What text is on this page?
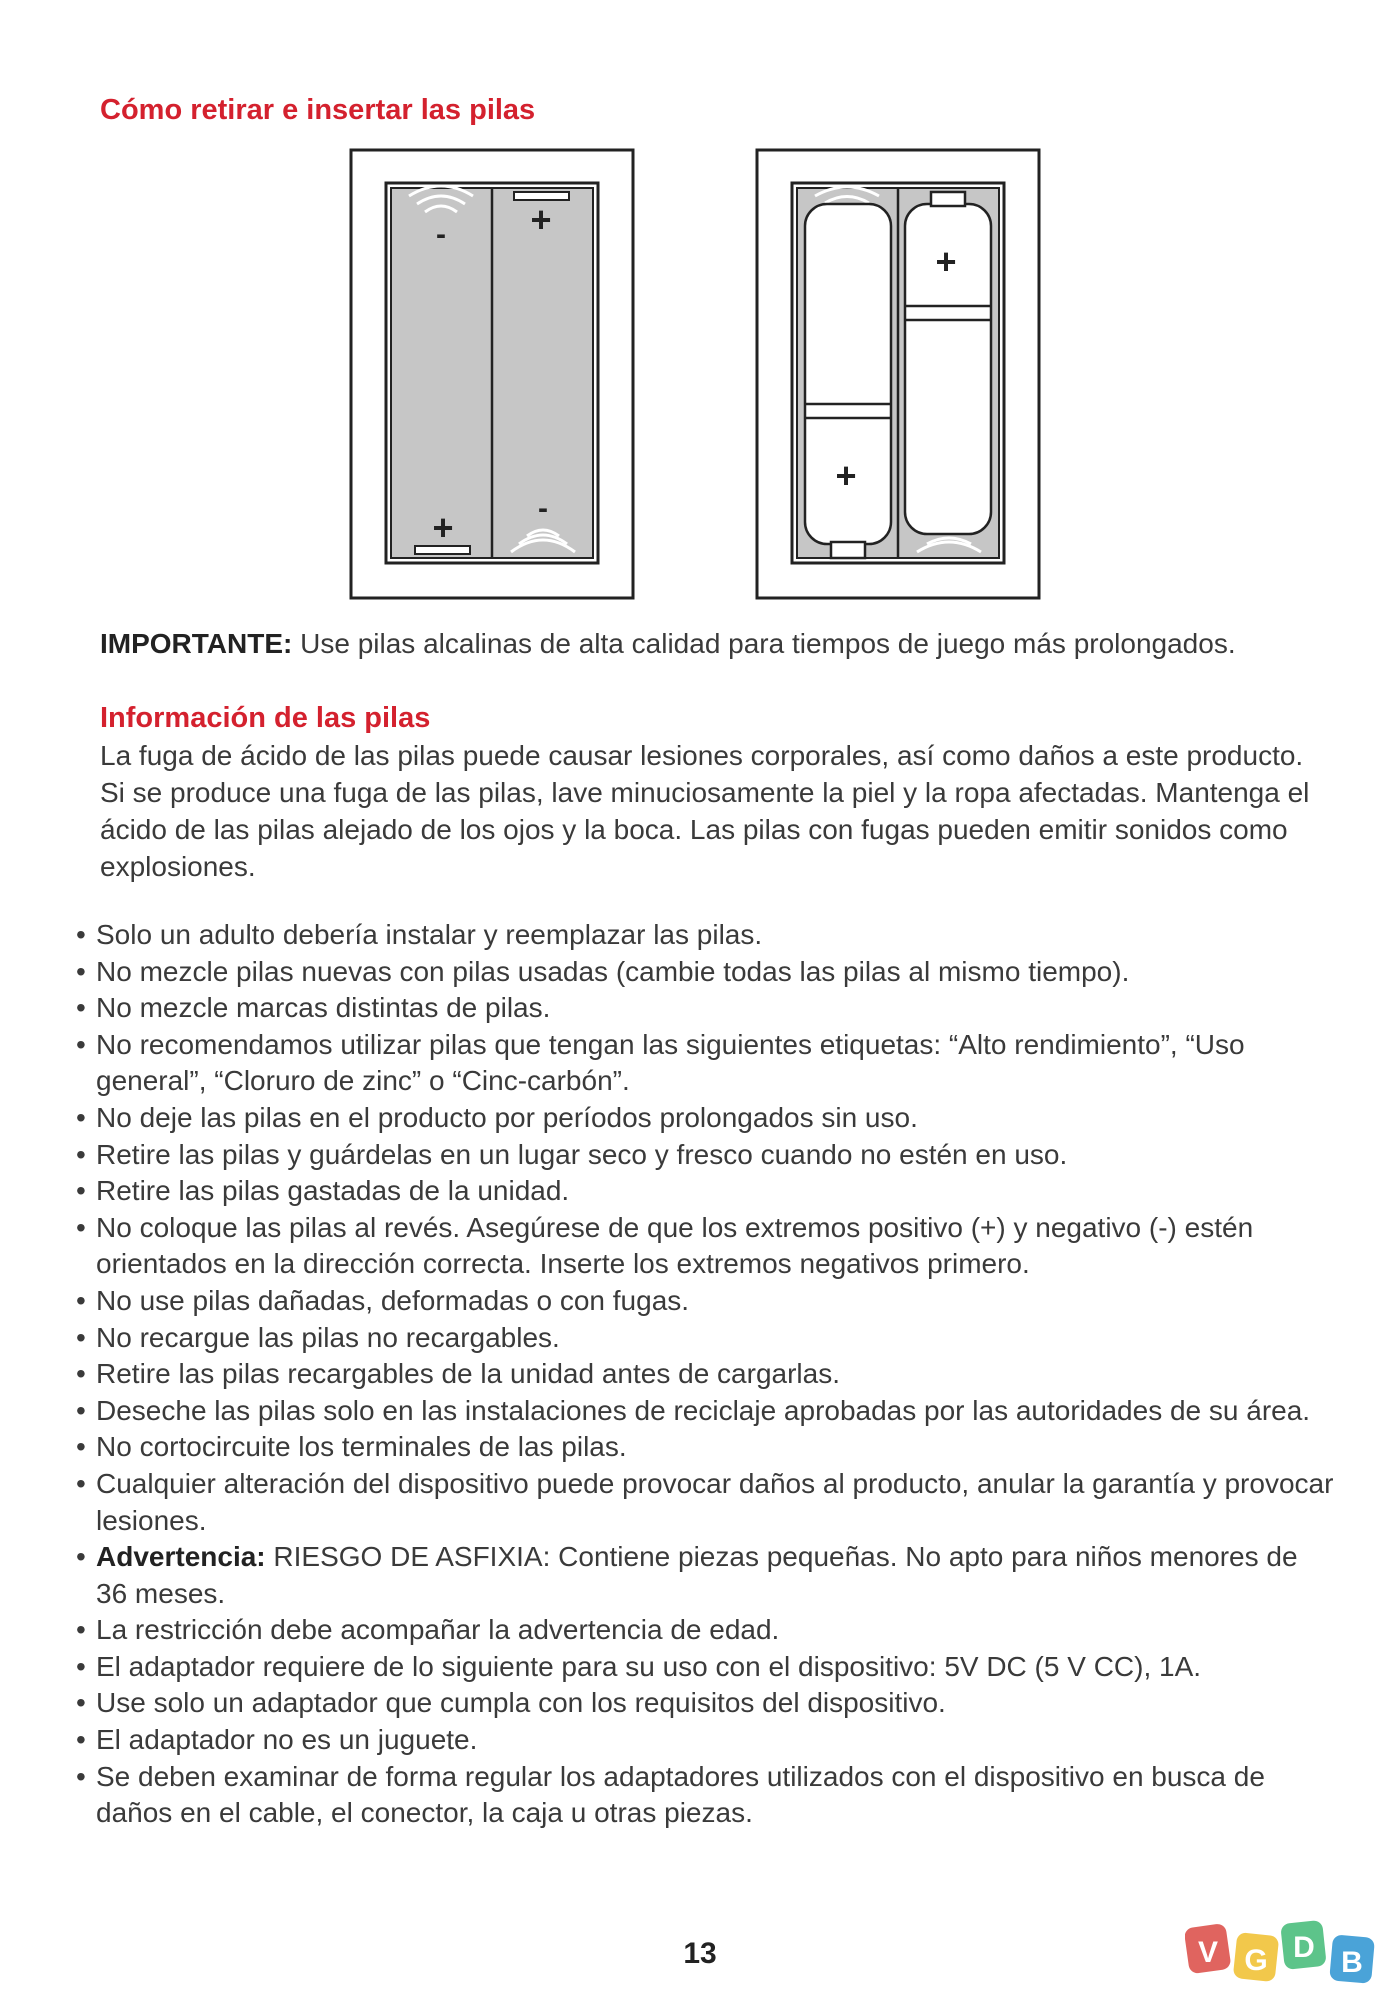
Cómo retirar e insertar las pilas
- +
+	-
+
+

IMPORTANTE: Use pilas alcalinas de alta calidad para tiempos de juego más prolongados.

Información de las pilas

La fuga de ácido de las pilas puede causar lesiones corporales, así como daños a este producto. Si se produce una fuga de las pilas, lave minuciosamente la piel y la ropa afectadas. Mantenga el ácido de las pilas alejado de los ojos y la boca. Las pilas con fugas pueden emitir sonidos como explosiones.

• Solo un adulto debería instalar y reemplazar las pilas.
• No mezcle pilas nuevas con pilas usadas (cambie todas las pilas al mismo tiempo).
• No mezcle marcas distintas de pilas.
• No recomendamos utilizar pilas que tengan las siguientes etiquetas: “Alto rendimiento”, “Uso general”, “Cloruro de zinc” o “Cinc-carbón”.
• No deje las pilas en el producto por períodos prolongados sin uso.
• Retire las pilas y guárdelas en un lugar seco y fresco cuando no estén en uso.
• Retire las pilas gastadas de la unidad.
• No coloque las pilas al revés. Asegúrese de que los extremos positivo (+) y negativo (-) estén orientados en la dirección correcta. Inserte los extremos negativos primero.
• No use pilas dañadas, deformadas o con fugas.
• No recargue las pilas no recargables.
• Retire las pilas recargables de la unidad antes de cargarlas.
• Deseche las pilas solo en las instalaciones de reciclaje aprobadas por las autoridades de su área.
• No cortocircuite los terminales de las pilas.
• Cualquier alteración del dispositivo puede provocar daños al producto, anular la garantía y provocar lesiones.
• Advertencia: RIESGO DE ASFIXIA: Contiene piezas pequeñas. No apto para niños menores de 36 meses.
• La restricción debe acompañar la advertencia de edad.
• El adaptador requiere de lo siguiente para su uso con el dispositivo: 5V DC (5 V CC), 1A.
• Use solo un adaptador que cumpla con los requisitos del dispositivo.
• El adaptador no es un juguete.
• Se deben examinar de forma regular los adaptadores utilizados con el dispositivo en busca de daños en el cable, el conector, la caja u otras piezas.
13	V G D B
